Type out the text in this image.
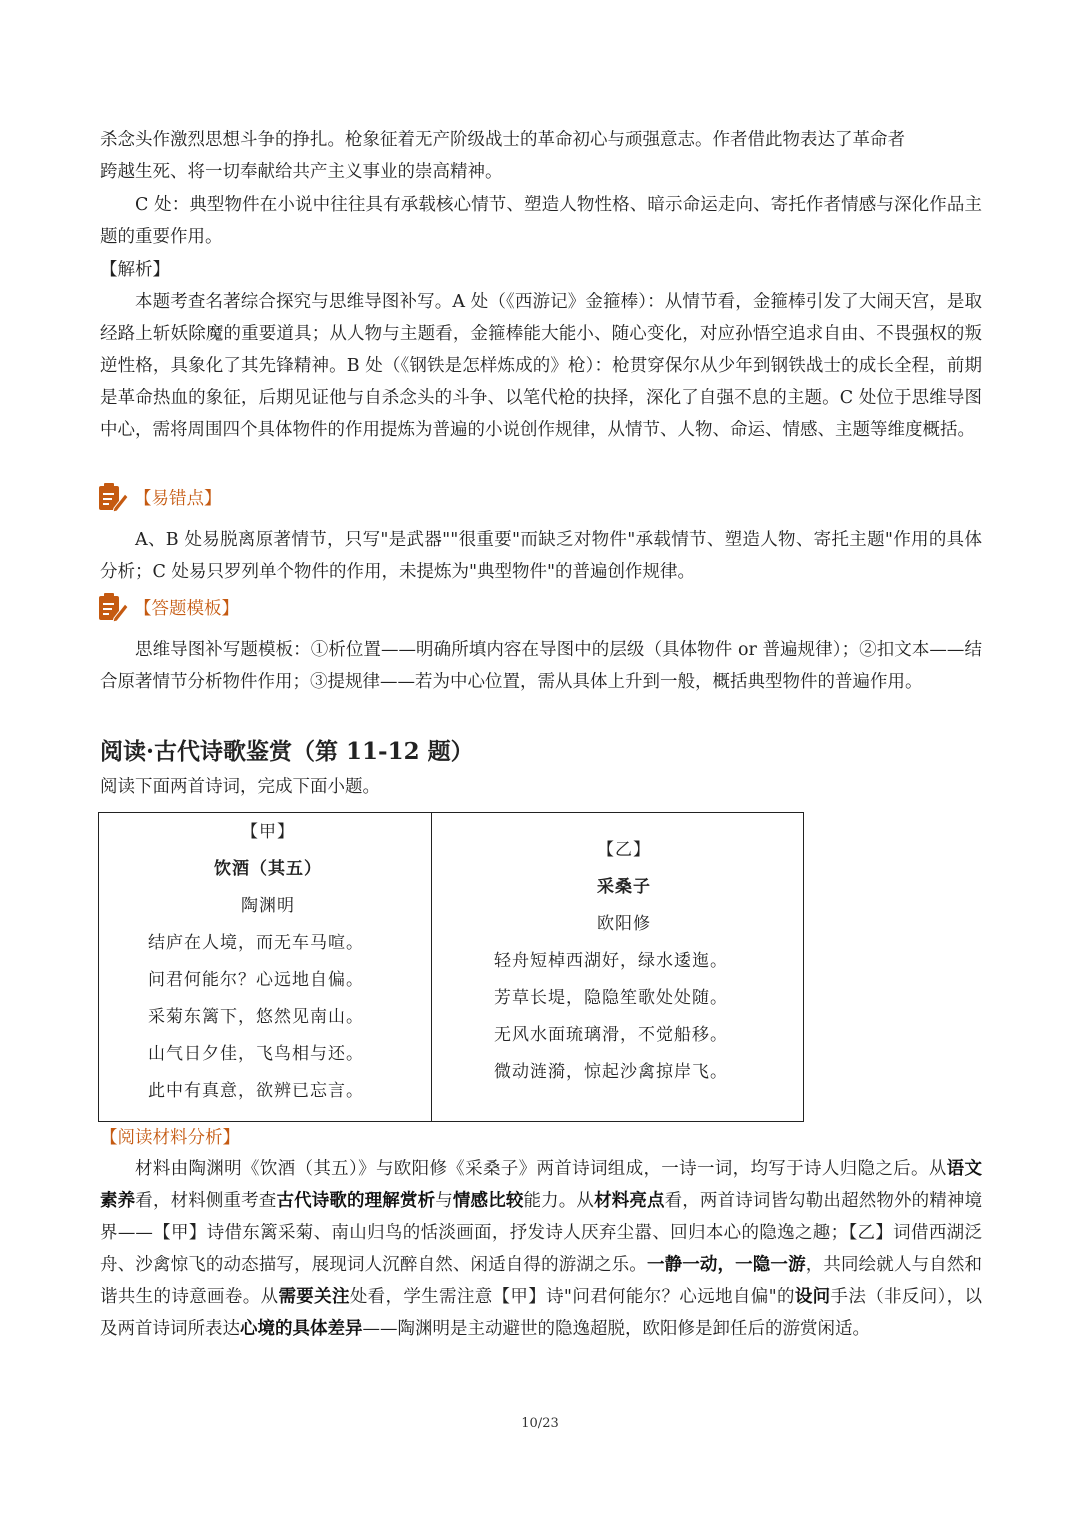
杀念头作激烈思想斗争的挣扎。枪象征着无产阶级战士的革命初心与顽强意志。作者借此物表达了革命者
跨越生死、将一切奉献给共产主义事业的崇高精神。

C 处：典型物件在小说中往往具有承载核心情节、塑造人物性格、暗示命运走向、寄托作者情感与深化作品主题的重要作用。

【解析】

本题考查名著综合探究与思维导图补写。A 处（《西游记》金箍棒）：从情节看，金箍棒引发了大闹天宫，是取经路上斩妖除魔的重要道具；从人物与主题看，金箍棒能大能小、随心变化，对应孙悟空追求自由、不畏强权的叛逆性格，具象化了其先锋精神。B 处（《钢铁是怎样炼成的》枪）：枪贯穿保尔从少年到钢铁战士的成长全程，前期是革命热血的象征，后期见证他与自杀念头的斗争、以笔代枪的抉择，深化了自强不息的主题。C 处位于思维导图中心，需将周围四个具体物件的作用提炼为普遍的小说创作规律，从情节、人物、命运、情感、主题等维度概括。

【易错点】

A、B 处易脱离原著情节，只写"是武器""很重要"而缺乏对物件"承载情节、塑造人物、寄托主题"作用的具体分析；C 处易只罗列单个物件的作用，未提炼为"典型物件"的普遍创作规律。

【答题模板】

思维导图补写题模板：①析位置——明确所填内容在导图中的层级（具体物件 or 普遍规律）；②扣文本——结合原著情节分析物件作用；③提规律——若为中心位置，需从具体上升到一般，概括典型物件的普遍作用。

阅读·古代诗歌鉴赏（第 11-12 题）

阅读下面两首诗词，完成下面小题。

【甲】
饮酒（其五）
陶渊明
结庐在人境，而无车马喧。
问君何能尔？心远地自偏。
采菊东篱下，悠然见南山。
山气日夕佳，飞鸟相与还。
此中有真意，欲辨已忘言。
【乙】
采桑子
欧阳修
轻舟短棹西湖好，绿水逶迤。
芳草长堤，隐隐笙歌处处随。
无风水面琉璃滑，不觉船移。
微动涟漪，惊起沙禽掠岸飞。

【阅读材料分析】

材料由陶渊明《饮酒（其五）》与欧阳修《采桑子》两首诗词组成，一诗一词，均写于诗人归隐之后。从语文素养看，材料侧重考查古代诗歌的理解赏析与情感比较能力。从材料亮点看，两首诗词皆勾勒出超然物外的精神境界——【甲】诗借东篱采菊、南山归鸟的恬淡画面，抒发诗人厌弃尘嚣、回归本心的隐逸之趣；【乙】词借西湖泛舟、沙禽惊飞的动态描写，展现词人沉醉自然、闲适自得的游湖之乐。一静一动，一隐一游，共同绘就人与自然和谐共生的诗意画卷。从需要关注处看，学生需注意【甲】诗"问君何能尔？心远地自偏"的设问手法（非反问），以及两首诗词所表达心境的具体差异——陶渊明是主动避世的隐逸超脱，欧阳修是卸任后的游赏闲适。

10/23
